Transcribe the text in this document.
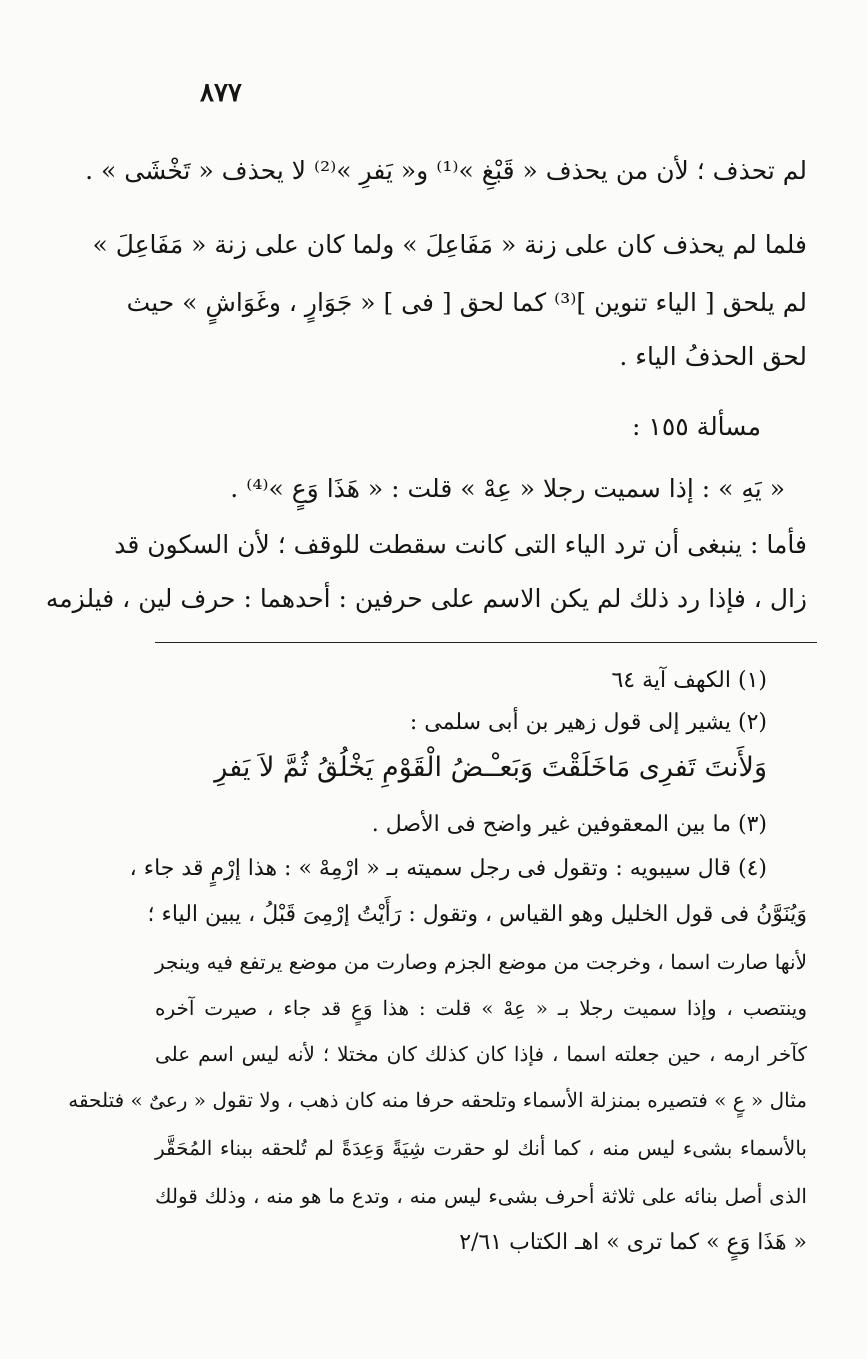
٨٧٧
لم تحذف ؛ لأن من يحذف « قَبْغِ »⁽¹⁾ و« يَفرِ »⁽²⁾ لا يحذف « تَخْشَى » .
فلما لم يحذف كان على زنة « مَفَاعِلَ » ولما كان على زنة « مَفَاعِلَ »
لم يلحق [ الياء تنوين ]⁽³⁾ كما لحق [ فى ] « جَوَارٍ ، وغَوَاشٍ » حيث
لحق الحذفُ الياء .
مسألة ١٥٥ :
« يَهِ » : إذا سميت رجلا « عِهْ » قلت : « هَذَا وَعٍ »⁽⁴⁾ .
فأما : ينبغى أن ترد الياء التى كانت سقطت للوقف ؛ لأن السكون قد
زال ، فإذا رد ذلك لم يكن الاسم على حرفين : أحدهما : حرف لين ، فيلزمه
(١) الكهف آية ٦٤
(٢) يشير إلى قول زهير بن أبى سلمى :
وَلأَنتَ تَفرِى مَاخَلَقْتَ وَبَعـْـضُ الْقَوْمِ يَخْلُقُ ثُمَّ لاَ يَفرِ
(٣) ما بين المعقوفين غير واضح فى الأصل .
(٤) قال سيبويه : وتقول فى رجل سميته بـ « ارْمِهْ » : هذا إرْمٍ قد جاء ،
وَيُنَوَّنُ فى قول الخليل وهو القياس ، وتقول : رَأَيْتُ إرْمِىَ قَبْلُ ، يبين الياء ؛
لأنها صارت اسما ، وخرجت من موضع الجزم وصارت من موضع يرتفع فيه وينجر
وينتصب ، وإذا سميت رجلا بـ « عِهْ » قلت : هذا وَعٍ قد جاء ، صيرت آخره
كآخر ارمه ، حين جعلته اسما ، فإذا كان كذلك كان مختلا ؛ لأنه ليس اسم على
مثال « عٍ » فتصيره بمنزلة الأسماء وتلحقه حرفا منه كان ذهب ، ولا تقول « رعىٌ » فتلحقه
بالأسماء بشىء ليس منه ، كما أنك لو حقرت شِيَةً وَعِدَةً لم تُلحقه ببناء المُحَقَّر
الذى أصل بنائه على ثلاثة أحرف بشىء ليس منه ، وتدع ما هو منه ، وذلك قولك
« هَذَا وَعٍ » كما ترى » اهـ الكتاب ٢/٦١
